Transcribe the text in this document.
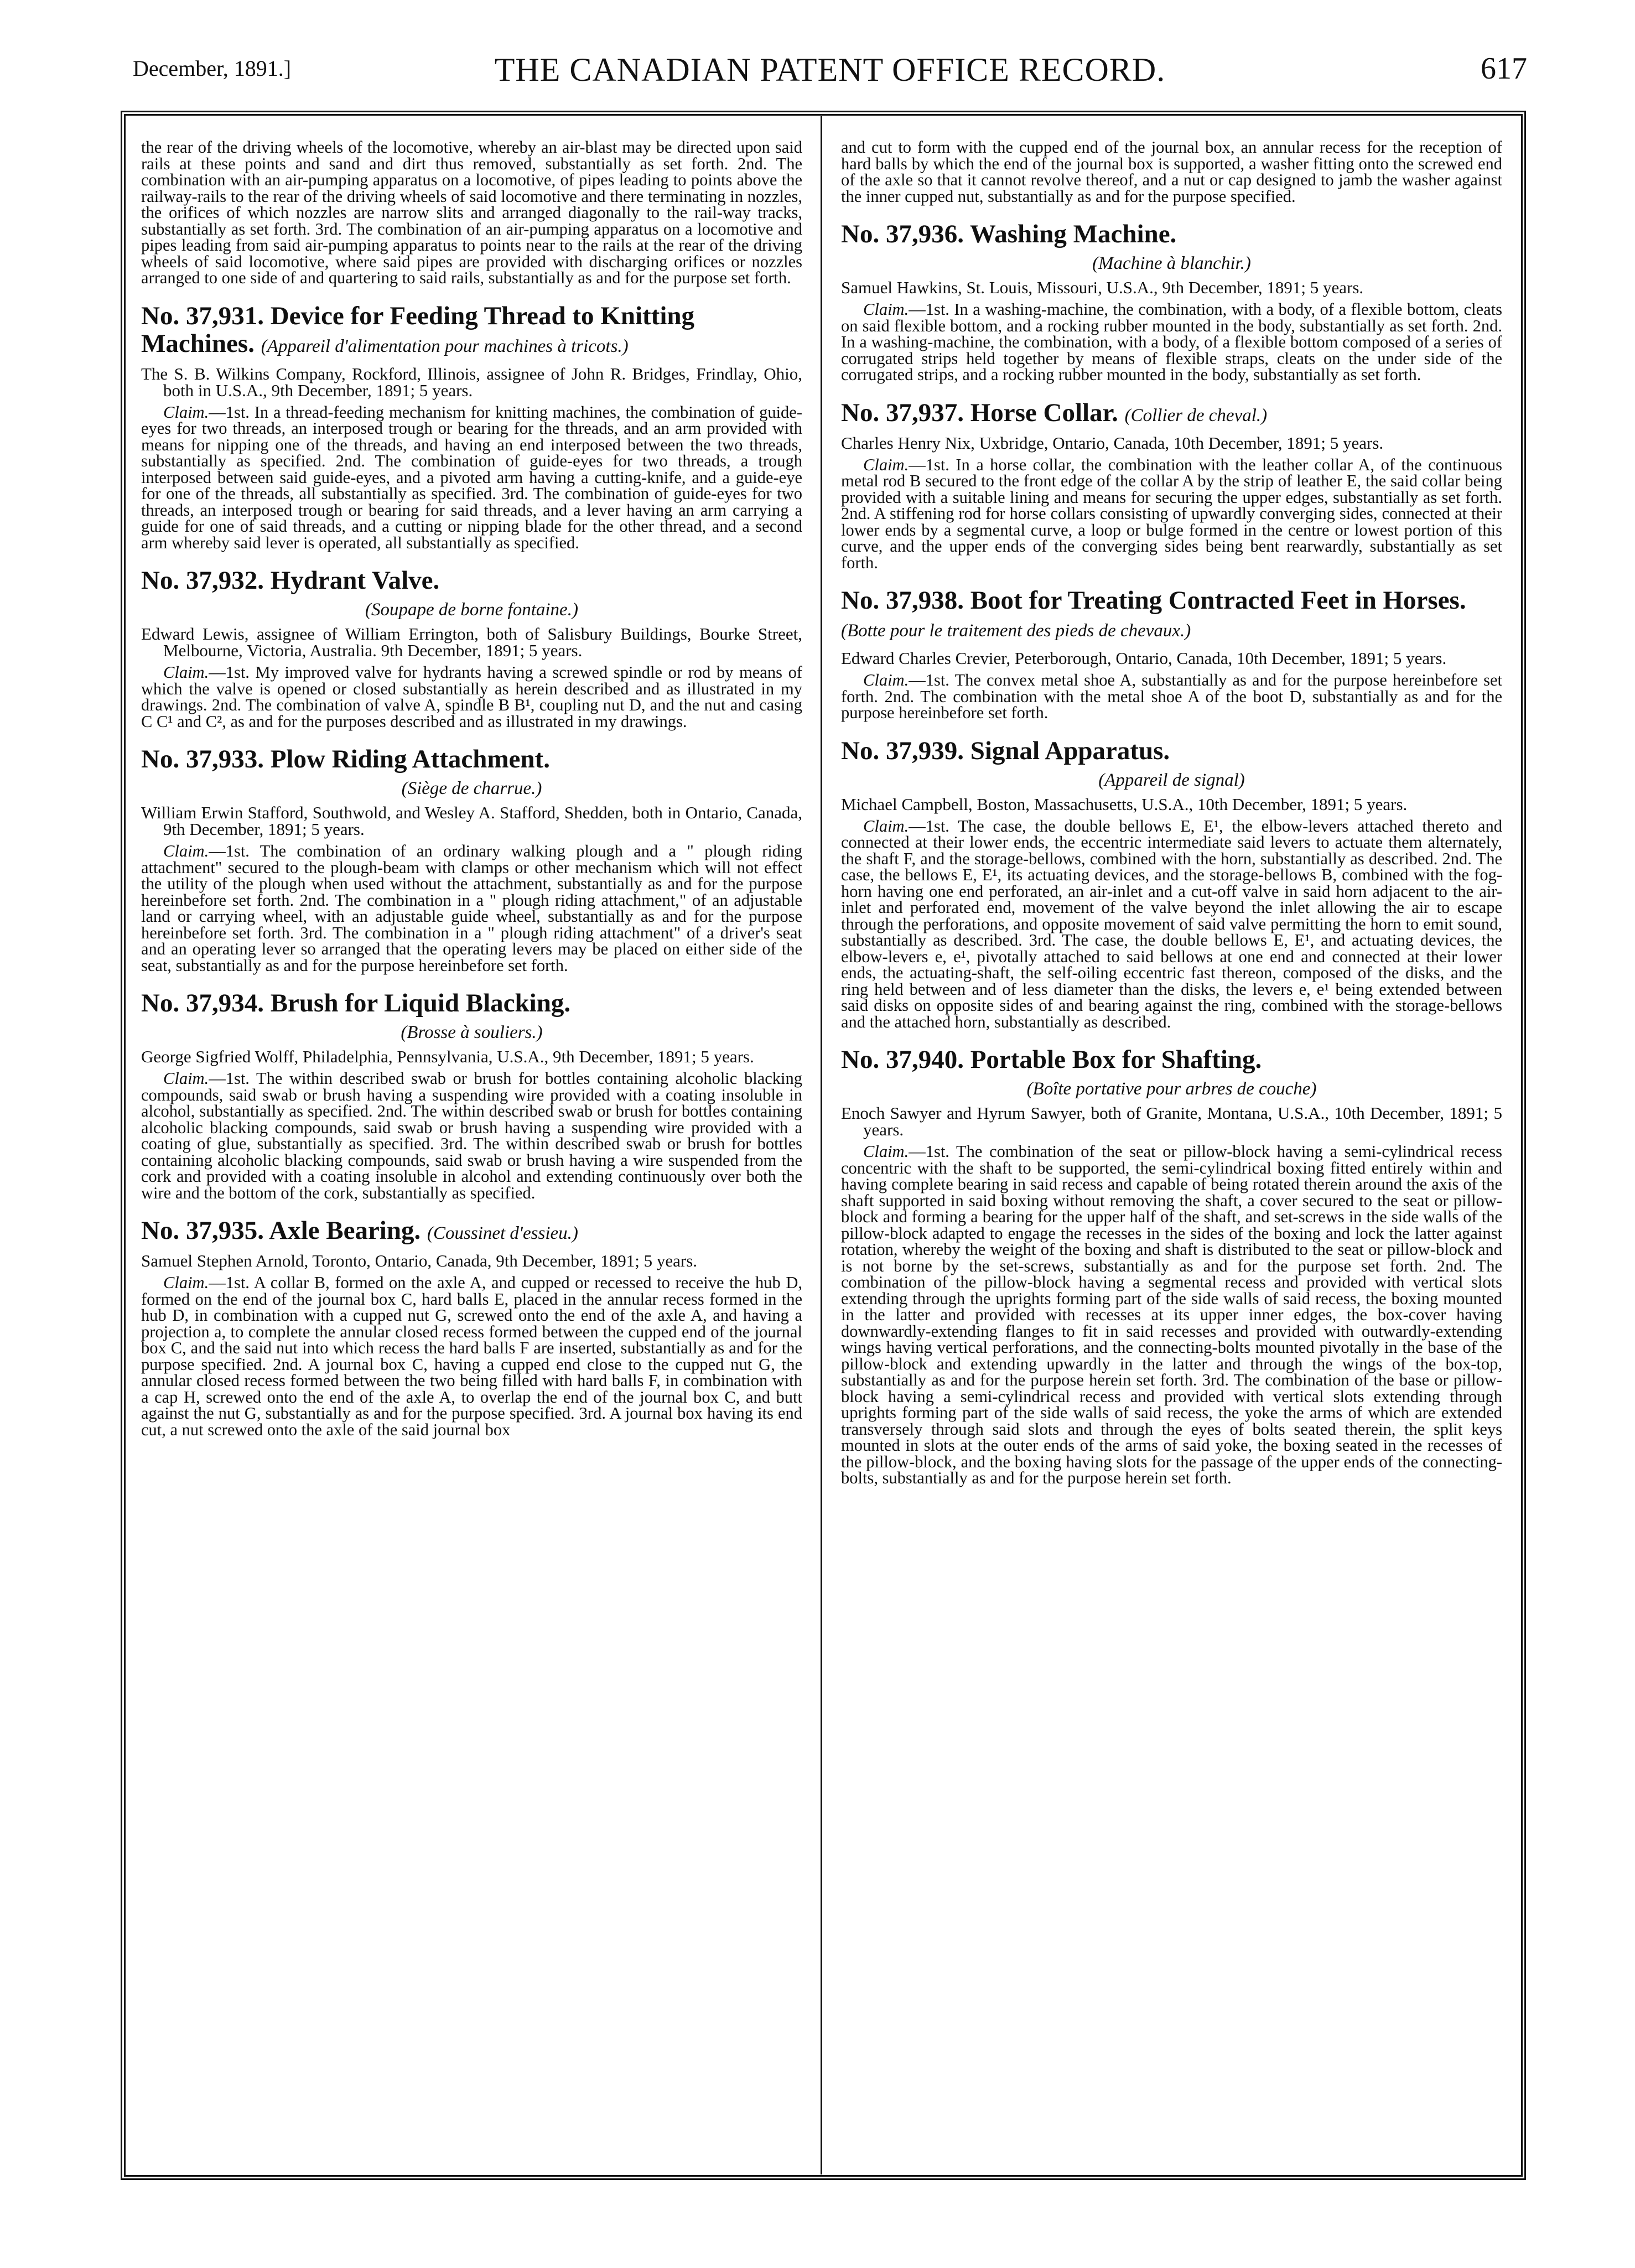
December, 1891.]	THE CANADIAN PATENT OFFICE RECORD.	617

the rear of the driving wheels of the locomotive, whereby an air-blast may be directed upon said rails at these points and sand and dirt thus removed, substantially as set forth. 2nd. The combination with an air-pumping apparatus on a locomotive, of pipes leading to points above the railway-rails to the rear of the driving wheels of said locomotive and there terminating in nozzles, the orifices of which nozzles are narrow slits and arranged diagonally to the rail-way tracks, substantially as set forth. 3rd. The combination of an air-pumping apparatus on a locomotive and pipes leading from said air-pumping apparatus to points near to the rails at the rear of the driving wheels of said locomotive, where said pipes are provided with discharging orifices or nozzles arranged to one side of and quartering to said rails, substantially as and for the purpose set forth.

No. 37,931. Device for Feeding Thread to Knitting Machines. (Appareil d'alimentation pour machines à tricots.)

The S. B. Wilkins Company, Rockford, Illinois, assignee of John R. Bridges, Frindlay, Ohio, both in U.S.A., 9th December, 1891; 5 years.

Claim.—1st. In a thread-feeding mechanism for knitting machines, the combination of guide-eyes for two threads, an interposed trough or bearing for the threads, and an arm provided with means for nipping one of the threads, and having an end interposed between the two threads, substantially as specified. 2nd. The combination of guide-eyes for two threads, a trough interposed between said guide-eyes, and a pivoted arm having a cutting-knife, and a guide-eye for one of the threads, all substantially as specified. 3rd. The combination of guide-eyes for two threads, an interposed trough or bearing for said threads, and a lever having an arm carrying a guide for one of said threads, and a cutting or nipping blade for the other thread, and a second arm whereby said lever is operated, all substantially as specified.

No. 37,932. Hydrant Valve.
(Soupape de borne fontaine.)

Edward Lewis, assignee of William Errington, both of Salisbury Buildings, Bourke Street, Melbourne, Victoria, Australia. 9th December, 1891; 5 years.

Claim.—1st. My improved valve for hydrants having a screwed spindle or rod by means of which the valve is opened or closed substantially as herein described and as illustrated in my drawings. 2nd. The combination of valve A, spindle B B¹, coupling nut D, and the nut and casing C C¹ and C², as and for the purposes described and as illustrated in my drawings.

No. 37,933. Plow Riding Attachment.
(Siège de charrue.)

William Erwin Stafford, Southwold, and Wesley A. Stafford, Shedden, both in Ontario, Canada, 9th December, 1891; 5 years.

Claim.—1st. The combination of an ordinary walking plough and a " plough riding attachment" secured to the plough-beam with clamps or other mechanism which will not effect the utility of the plough when used without the attachment, substantially as and for the purpose hereinbefore set forth. 2nd. The combination in a " plough riding attachment," of an adjustable land or carrying wheel, with an adjustable guide wheel, substantially as and for the purpose hereinbefore set forth. 3rd. The combination in a " plough riding attachment" of a driver's seat and an operating lever so arranged that the operating levers may be placed on either side of the seat, substantially as and for the purpose hereinbefore set forth.

No. 37,934. Brush for Liquid Blacking.
(Brosse à souliers.)

George Sigfried Wolff, Philadelphia, Pennsylvania, U.S.A., 9th December, 1891; 5 years.

Claim.—1st. The within described swab or brush for bottles containing alcoholic blacking compounds, said swab or brush having a suspending wire provided with a coating insoluble in alcohol, substantially as specified. 2nd. The within described swab or brush for bottles containing alcoholic blacking compounds, said swab or brush having a suspending wire provided with a coating of glue, substantially as specified. 3rd. The within described swab or brush for bottles containing alcoholic blacking compounds, said swab or brush having a wire suspended from the cork and provided with a coating insoluble in alcohol and extending continuously over both the wire and the bottom of the cork, substantially as specified.

No. 37,935. Axle Bearing. (Coussinet d'essieu.)

Samuel Stephen Arnold, Toronto, Ontario, Canada, 9th December, 1891; 5 years.

Claim.—1st. A collar B, formed on the axle A, and cupped or recessed to receive the hub D, formed on the end of the journal box C, hard balls E, placed in the annular recess formed in the hub D, in combination with a cupped nut G, screwed onto the end of the axle A, and having a projection a, to complete the annular closed recess formed between the cupped end of the journal box C, and the said nut into which recess the hard balls F are inserted, substantially as and for the purpose specified. 2nd. A journal box C, having a cupped end close to the cupped nut G, the annular closed recess formed between the two being filled with hard balls F, in combination with a cap H, screwed onto the end of the axle A, to overlap the end of the journal box C, and butt against the nut G, substantially as and for the purpose specified. 3rd. A journal box having its end cut, a nut screwed onto the axle of the said journal box

and cut to form with the cupped end of the journal box, an annular recess for the reception of hard balls by which the end of the journal box is supported, a washer fitting onto the screwed end of the axle so that it cannot revolve thereof, and a nut or cap designed to jamb the washer against the inner cupped nut, substantially as and for the purpose specified.

No. 37,936. Washing Machine.
(Machine à blanchir.)

Samuel Hawkins, St. Louis, Missouri, U.S.A., 9th December, 1891; 5 years.

Claim.—1st. In a washing-machine, the combination, with a body, of a flexible bottom, cleats on said flexible bottom, and a rocking rubber mounted in the body, substantially as set forth. 2nd. In a washing-machine, the combination, with a body, of a flexible bottom composed of a series of corrugated strips held together by means of flexible straps, cleats on the under side of the corrugated strips, and a rocking rubber mounted in the body, substantially as set forth.

No. 37,937. Horse Collar. (Collier de cheval.)

Charles Henry Nix, Uxbridge, Ontario, Canada, 10th December, 1891; 5 years.

Claim.—1st. In a horse collar, the combination with the leather collar A, of the continuous metal rod B secured to the front edge of the collar A by the strip of leather E, the said collar being provided with a suitable lining and means for securing the upper edges, substantially as set forth. 2nd. A stiffening rod for horse collars consisting of upwardly converging sides, connected at their lower ends by a segmental curve, a loop or bulge formed in the centre or lowest portion of this curve, and the upper ends of the converging sides being bent rearwardly, substantially as set forth.

No. 37,938. Boot for Treating Contracted Feet in Horses. (Botte pour le traitement des pieds de chevaux.)

Edward Charles Crevier, Peterborough, Ontario, Canada, 10th December, 1891; 5 years.

Claim.—1st. The convex metal shoe A, substantially as and for the purpose hereinbefore set forth. 2nd. The combination with the metal shoe A of the boot D, substantially as and for the purpose hereinbefore set forth.

No. 37,939. Signal Apparatus.
(Appareil de signal)

Michael Campbell, Boston, Massachusetts, U.S.A., 10th December, 1891; 5 years.

Claim.—1st. The case, the double bellows E, E¹, the elbow-levers attached thereto and connected at their lower ends, the eccentric intermediate said levers to actuate them alternately, the shaft F, and the storage-bellows, combined with the horn, substantially as described. 2nd. The case, the bellows E, E¹, its actuating devices, and the storage-bellows B, combined with the fog-horn having one end perforated, an air-inlet and a cut-off valve in said horn adjacent to the air-inlet and perforated end, movement of the valve beyond the inlet allowing the air to escape through the perforations, and opposite movement of said valve permitting the horn to emit sound, substantially as described. 3rd. The case, the double bellows E, E¹, and actuating devices, the elbow-levers e, e¹, pivotally attached to said bellows at one end and connected at their lower ends, the actuating-shaft, the self-oiling eccentric fast thereon, composed of the disks, and the ring held between and of less diameter than the disks, the levers e, e¹ being extended between said disks on opposite sides of and bearing against the ring, combined with the storage-bellows and the attached horn, substantially as described.

No. 37,940. Portable Box for Shafting.
(Boîte portative pour arbres de couche)

Enoch Sawyer and Hyrum Sawyer, both of Granite, Montana, U.S.A., 10th December, 1891; 5 years.

Claim.—1st. The combination of the seat or pillow-block having a semi-cylindrical recess concentric with the shaft to be supported, the semi-cylindrical boxing fitted entirely within and having complete bearing in said recess and capable of being rotated therein around the axis of the shaft supported in said boxing without removing the shaft, a cover secured to the seat or pillow-block and forming a bearing for the upper half of the shaft, and set-screws in the side walls of the pillow-block adapted to engage the recesses in the sides of the boxing and lock the latter against rotation, whereby the weight of the boxing and shaft is distributed to the seat or pillow-block and is not borne by the set-screws, substantially as and for the purpose set forth. 2nd. The combination of the pillow-block having a segmental recess and provided with vertical slots extending through the uprights forming part of the side walls of said recess, the boxing mounted in the latter and provided with recesses at its upper inner edges, the box-cover having downwardly-extending flanges to fit in said recesses and provided with outwardly-extending wings having vertical perforations, and the connecting-bolts mounted pivotally in the base of the pillow-block and extending upwardly in the latter and through the wings of the box-top, substantially as and for the purpose herein set forth. 3rd. The combination of the base or pillow-block having a semi-cylindrical recess and provided with vertical slots extending through uprights forming part of the side walls of said recess, the yoke the arms of which are extended transversely through said slots and through the eyes of bolts seated therein, the split keys mounted in slots at the outer ends of the arms of said yoke, the boxing seated in the recesses of the pillow-block, and the boxing having slots for the passage of the upper ends of the connecting-bolts, substantially as and for the purpose herein set forth.
